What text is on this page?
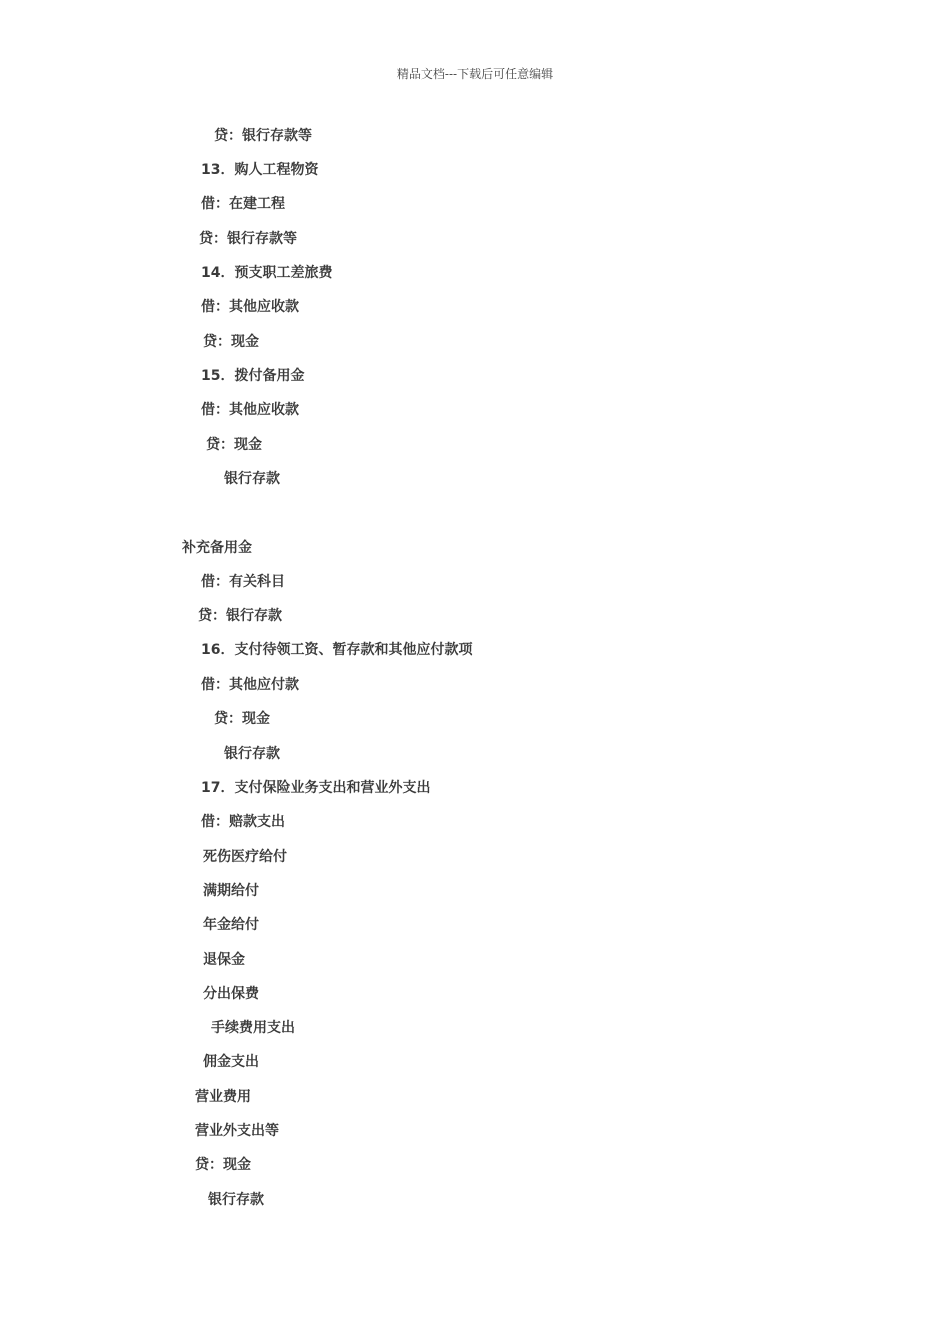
精品文档---下载后可任意编辑
贷：银行存款等
13．购人工程物资
借：在建工程
贷：银行存款等
14．预支职工差旅费
借：其他应收款
贷：现金
15．拨付备用金
借：其他应收款
贷：现金
银行存款
补充备用金
借：有关科目
贷：银行存款
16．支付待领工资、暂存款和其他应付款项
借：其他应付款
贷：现金
银行存款
17．支付保险业务支出和营业外支出
借：赔款支出
死伤医疗给付
满期给付
年金给付
退保金
分出保费
手续费用支出
佣金支出
营业费用
营业外支出等
贷：现金
银行存款
